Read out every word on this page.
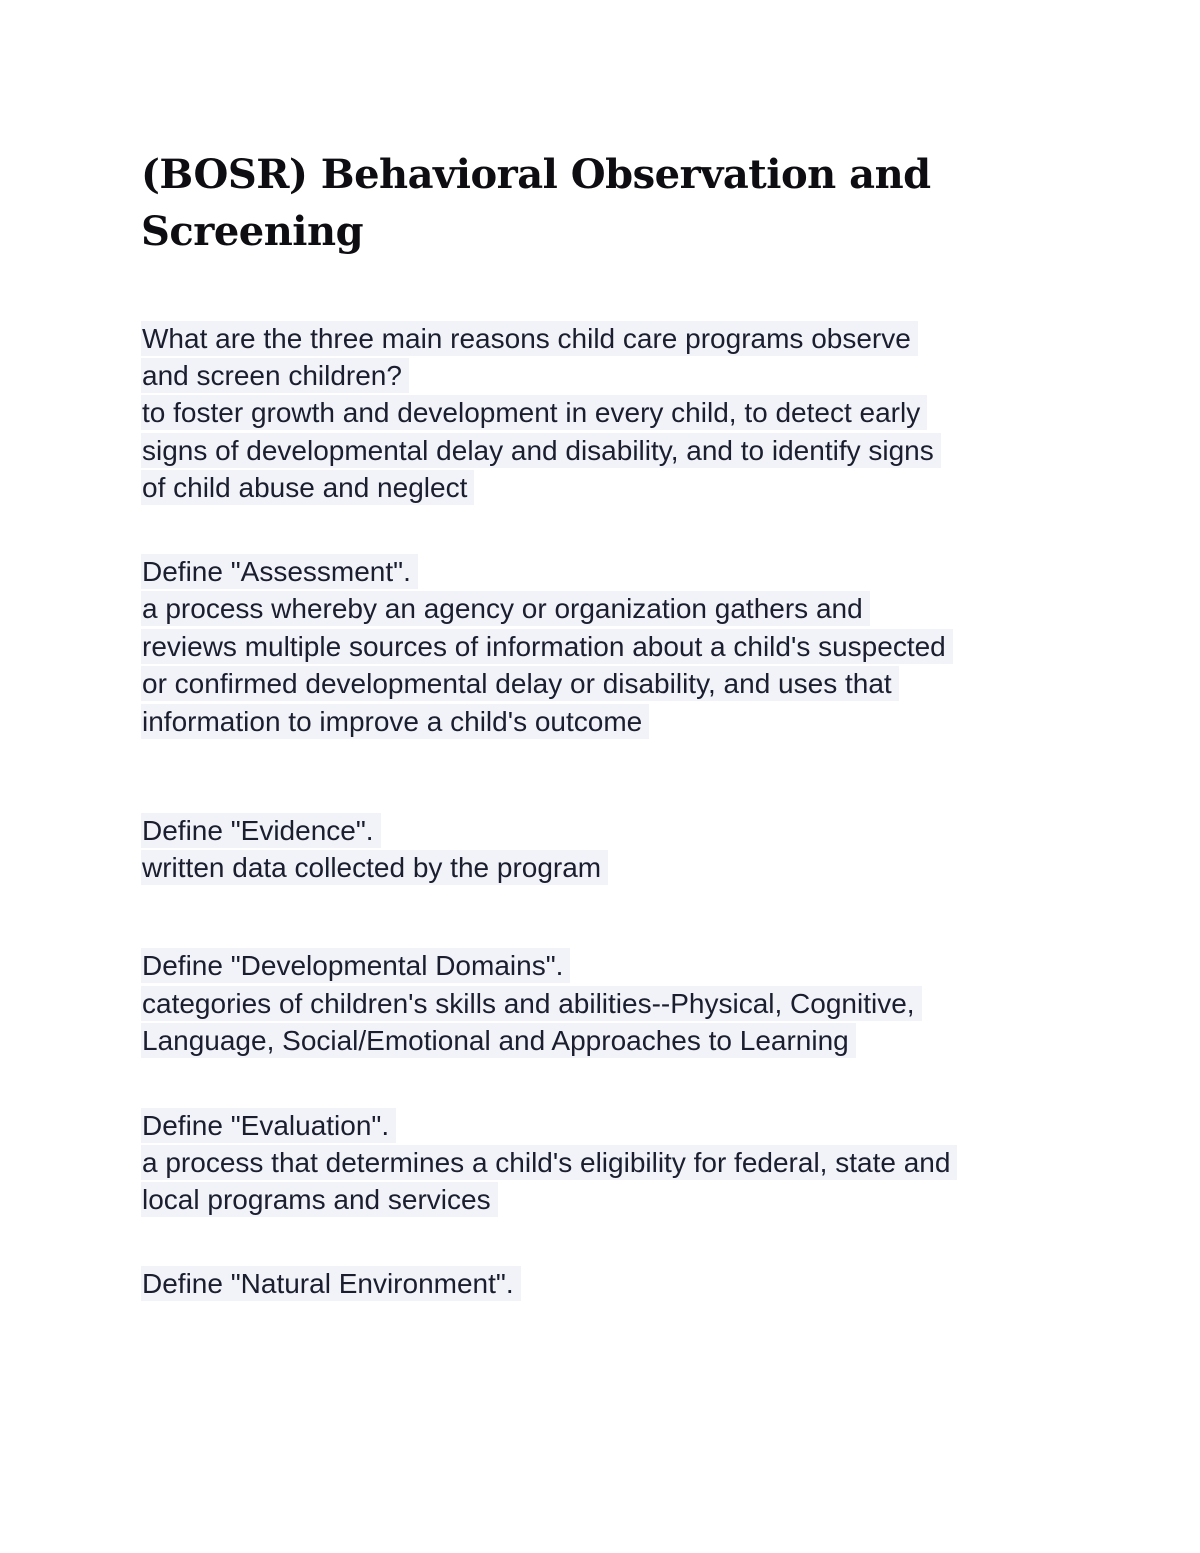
(BOSR) Behavioral Observation and
Screening
What are the three main reasons child care programs observe
and screen children?
to foster growth and development in every child, to detect early
signs of developmental delay and disability, and to identify signs
of child abuse and neglect
Define "Assessment".
a process whereby an agency or organization gathers and
reviews multiple sources of information about a child's suspected
or confirmed developmental delay or disability, and uses that
information to improve a child's outcome
Define "Evidence".
written data collected by the program
Define "Developmental Domains".
categories of children's skills and abilities--Physical, Cognitive,
Language, Social/Emotional and Approaches to Learning
Define "Evaluation".
a process that determines a child's eligibility for federal, state and
local programs and services
Define "Natural Environment".
